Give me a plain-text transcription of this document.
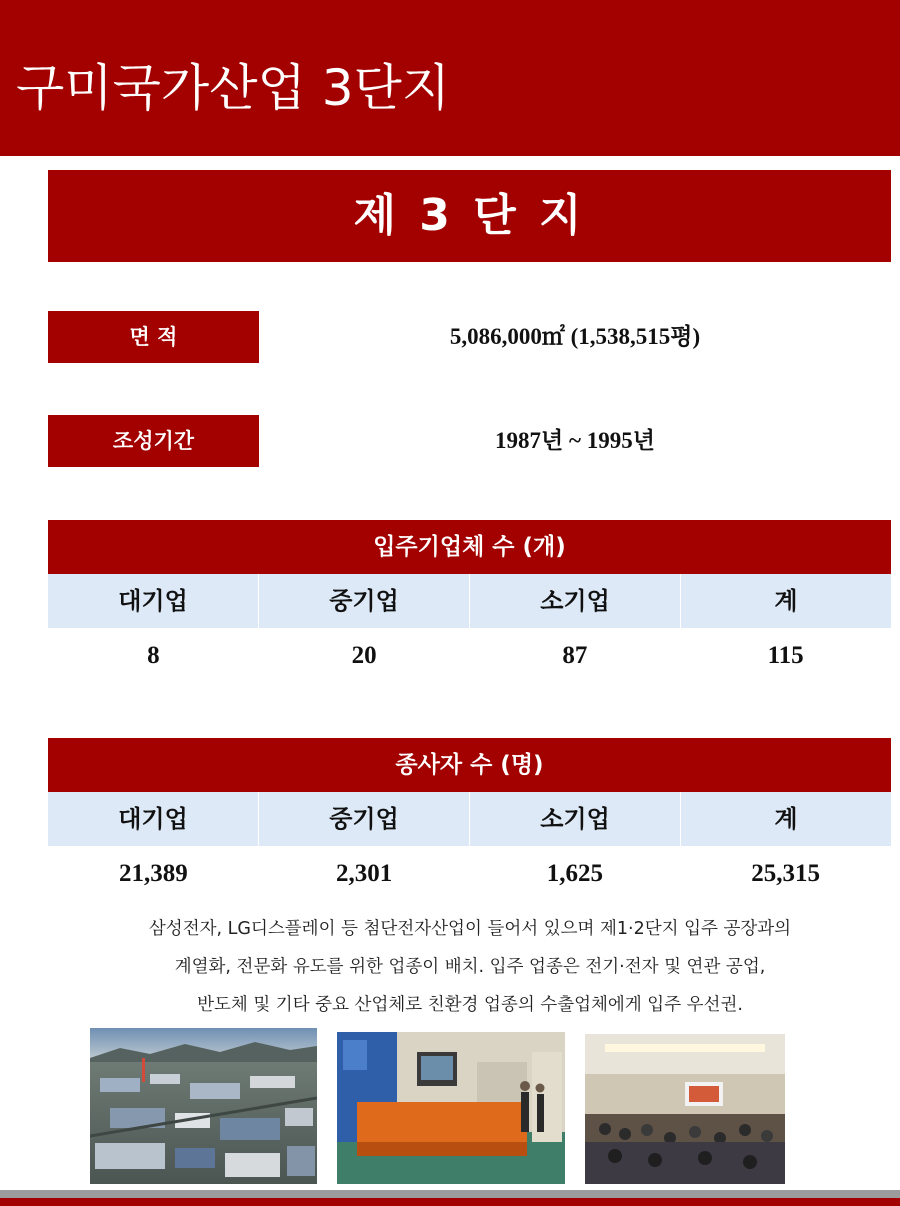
구미국가산업 3단지
제 3 단 지
면 적	5,086,000㎡ (1,538,515평)
조성기간	1987년 ~ 1995년
입주기업체 수 (개)
대기업	중기업	소기업	계
8	20	87	115
종사자 수 (명)
대기업	중기업	소기업	계
21,389	2,301	1,625	25,315

삼성전자, LG디스플레이 등 첨단전자산업이 들어서 있으며 제1·2단지 입주 공장과의

계열화, 전문화 유도를 위한 업종이 배치. 입주 업종은 전기·전자 및 연관 공업,

반도체 및 기타 중요 산업체로 친환경 업종의 수출업체에게 입주 우선권.
